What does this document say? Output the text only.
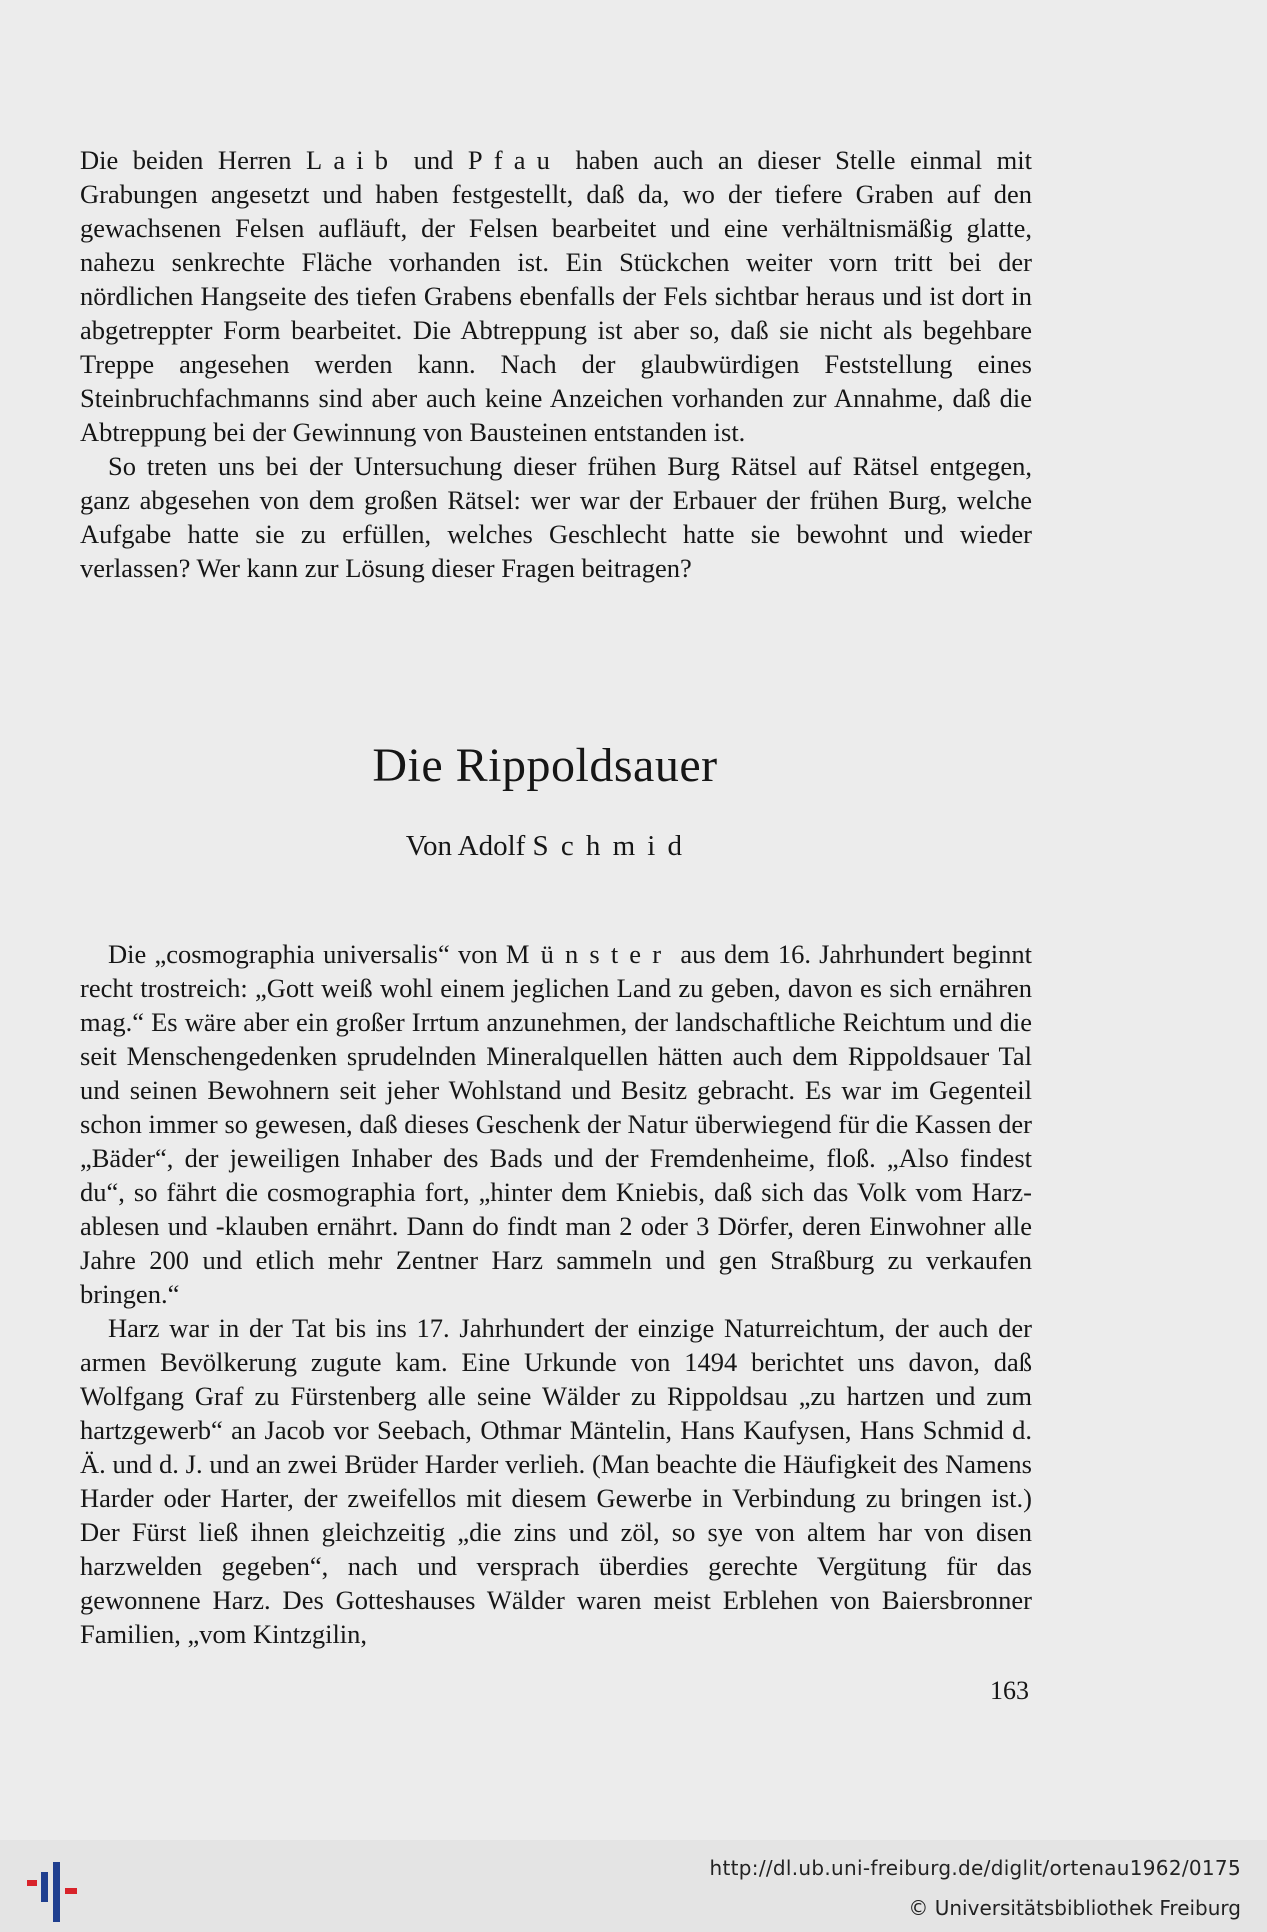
Die beiden Herren Laib und Pfau haben auch an dieser Stelle einmal mit Grabungen angesetzt und haben festgestellt, daß da, wo der tiefere Graben auf den gewachsenen Felsen aufläuft, der Felsen bearbeitet und eine verhältnismäßig glatte, nahezu senkrechte Fläche vorhanden ist. Ein Stückchen weiter vorn tritt bei der nördlichen Hangseite des tiefen Grabens ebenfalls der Fels sichtbar heraus und ist dort in abgetreppter Form bearbeitet. Die Abtreppung ist aber so, daß sie nicht als begehbare Treppe angesehen werden kann. Nach der glaubwürdigen Feststellung eines Steinbruchfachmanns sind aber auch keine Anzeichen vorhanden zur Annahme, daß die Abtreppung bei der Gewinnung von Bausteinen entstanden ist.

So treten uns bei der Untersuchung dieser frühen Burg Rätsel auf Rätsel entgegen, ganz abgesehen von dem großen Rätsel: wer war der Erbauer der frühen Burg, welche Aufgabe hatte sie zu erfüllen, welches Geschlecht hatte sie bewohnt und wieder verlassen? Wer kann zur Lösung dieser Fragen beitragen?

Die Rippoldsauer
Von Adolf Schmid

Die „cosmographia universalis“ von Münster aus dem 16. Jahrhundert beginnt recht trostreich: „Gott weiß wohl einem jeglichen Land zu geben, davon es sich ernähren mag.“ Es wäre aber ein großer Irrtum anzunehmen, der landschaftliche Reichtum und die seit Menschengedenken sprudelnden Mineralquellen hätten auch dem Rippoldsauer Tal und seinen Bewohnern seit jeher Wohlstand und Besitz gebracht. Es war im Gegenteil schon immer so gewesen, daß dieses Geschenk der Natur überwiegend für die Kassen der „Bäder“, der jeweiligen Inhaber des Bads und der Fremdenheime, floß. „Also findest du“, so fährt die cosmographia fort, „hinter dem Kniebis, daß sich das Volk vom Harz-ablesen und -klauben ernährt. Dann do findt man 2 oder 3 Dörfer, deren Einwohner alle Jahre 200 und etlich mehr Zentner Harz sammeln und gen Straßburg zu verkaufen bringen.“

Harz war in der Tat bis ins 17. Jahrhundert der einzige Naturreichtum, der auch der armen Bevölkerung zugute kam. Eine Urkunde von 1494 berichtet uns davon, daß Wolfgang Graf zu Fürstenberg alle seine Wälder zu Rippoldsau „zu hartzen und zum hartzgewerb“ an Jacob vor Seebach, Othmar Mäntelin, Hans Kaufysen, Hans Schmid d. Ä. und d. J. und an zwei Brüder Harder verlieh. (Man beachte die Häufigkeit des Namens Harder oder Harter, der zweifellos mit diesem Gewerbe in Verbindung zu bringen ist.) Der Fürst ließ ihnen gleichzeitig „die zins und zöl, so sye von altem har von disen harzwelden gegeben“, nach und versprach überdies gerechte Vergütung für das gewonnene Harz. Des Gotteshauses Wälder waren meist Erblehen von Baiersbronner Familien, „vom Kintzgilin,

163
http://dl.ub.uni-freiburg.de/diglit/ortenau1962/0175
© Universitätsbibliothek Freiburg
